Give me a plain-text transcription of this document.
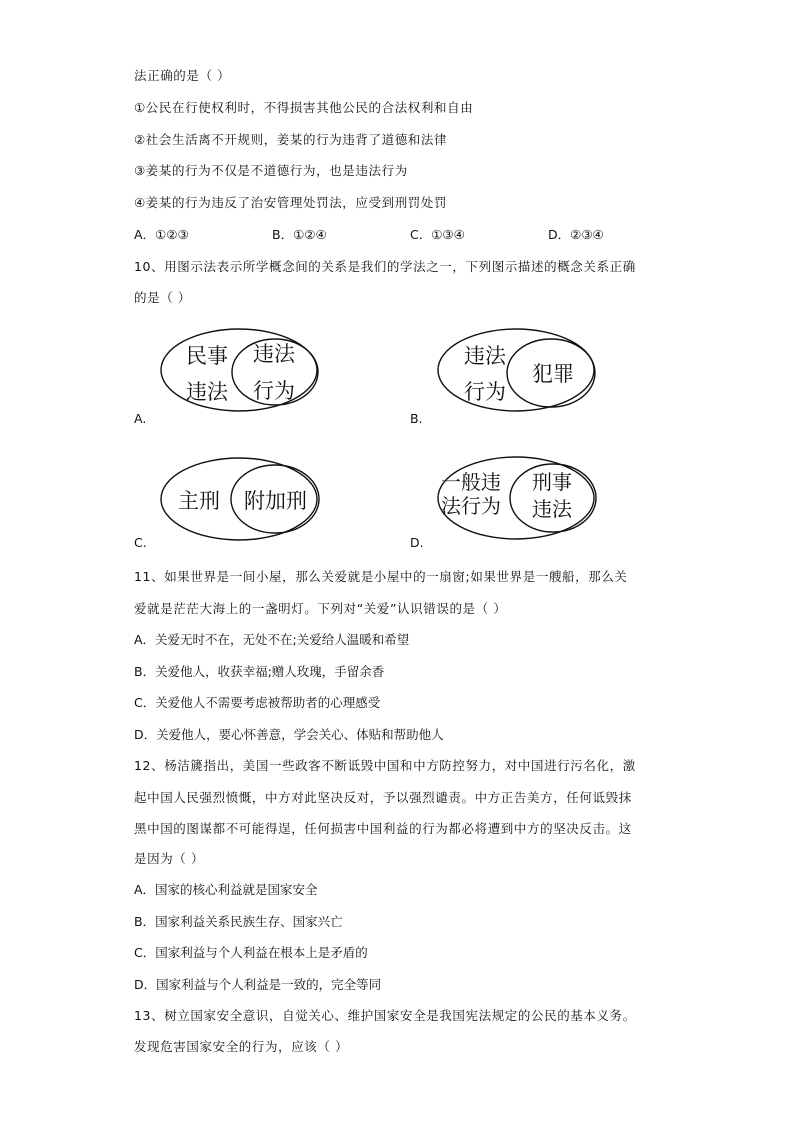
法正确的是（ ）
①公民在行使权利时，不得损害其他公民的合法权利和自由
②社会生活离不开规则，姜某的行为违背了道德和法律
③姜某的行为不仅是不道德行为，也是违法行为
④姜某的行为违反了治安管理处罚法，应受到刑罚处罚
A．①②③	B．①②④	C．①③④	D．②③④
10、用图示法表示所学概念间的关系是我们的学法之一，下列图示描述的概念关系正确
的是（ ）
民事
违法
违法
行为
A.
违法
行为
犯罪
B.
主刑 附加刑
C.
一般违
法行为
刑事
违法
D.
11、如果世界是一间小屋，那么关爱就是小屋中的一扇窗;如果世界是一艘船，那么关
爱就是茫茫大海上的一盏明灯。下列对“关爱”认识错误的是（ ）
A．关爱无时不在，无处不在;关爱给人温暖和希望
B．关爱他人，收获幸福;赠人玫瑰，手留余香
C．关爱他人不需要考虑被帮助者的心理感受
D．关爱他人，要心怀善意，学会关心、体贴和帮助他人
12、杨洁篪指出，美国一些政客不断诋毁中国和中方防控努力，对中国进行污名化，激
起中国人民强烈愤慨，中方对此坚决反对，予以强烈谴责。中方正告美方，任何诋毁抹
黑中国的图谋都不可能得逞，任何损害中国利益的行为都必将遭到中方的坚决反击。这
是因为（ ）
A．国家的核心利益就是国家安全
B．国家利益关系民族生存、国家兴亡
C．国家利益与个人利益在根本上是矛盾的
D．国家利益与个人利益是一致的，完全等同
13、树立国家安全意识，自觉关心、维护国家安全是我国宪法规定的公民的基本义务。
发现危害国家安全的行为，应该（ ）
